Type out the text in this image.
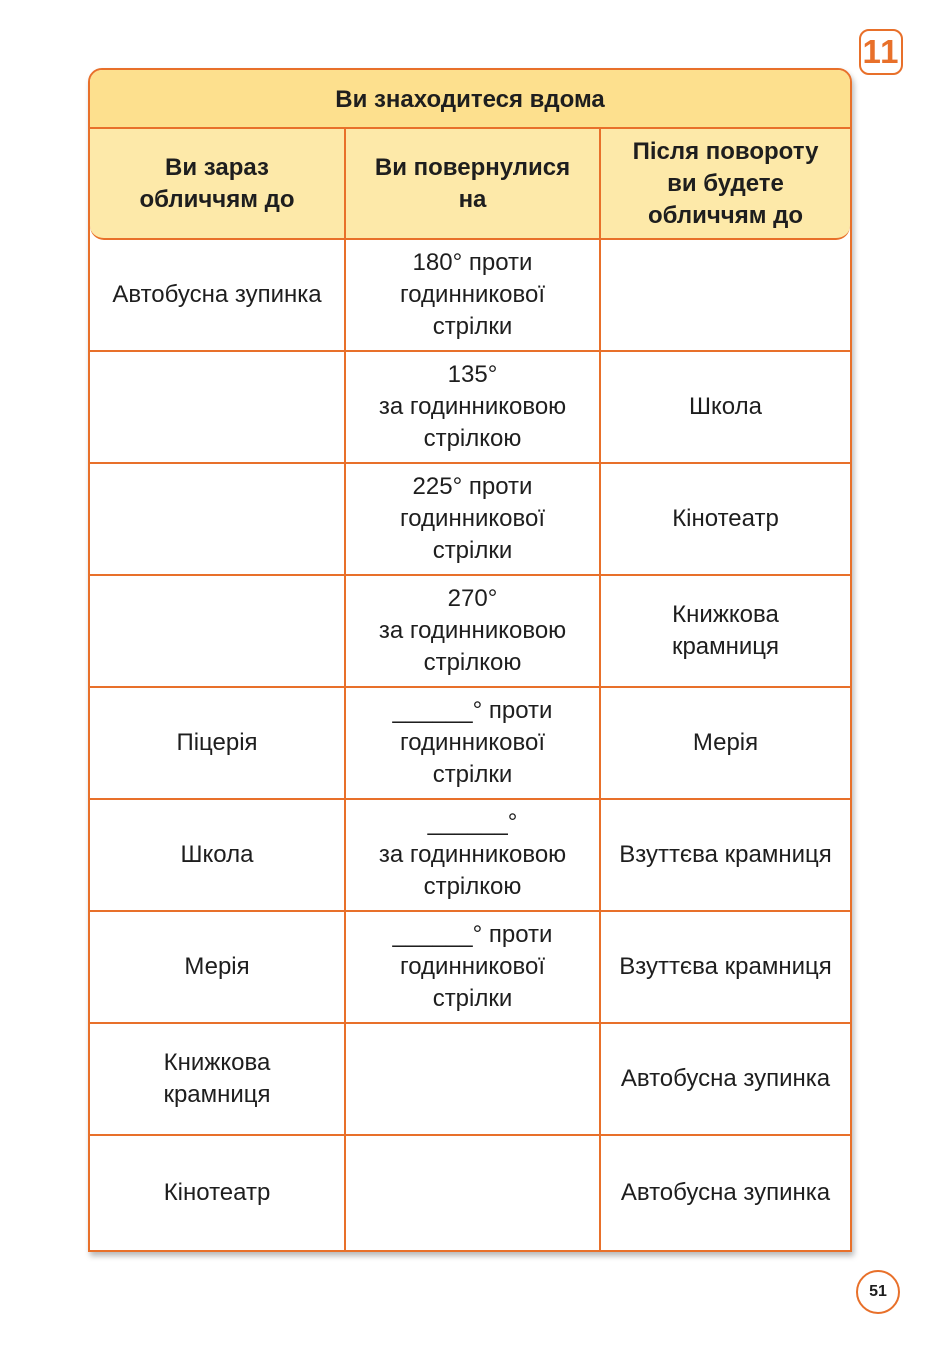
11
Ви знаходитеся вдома
Ви зараз
обличчям до
Ви повернулися
на
Після повороту
ви будете
обличчям до
Автобусна зупинка
180° проти
годинникової
стрілки
135°
за годинниковою
стрілкою
Школа
225° проти
годинникової
стрілки
Кінотеатр
270°
за годинниковою
стрілкою
Книжкова
крамниця
Піцерія
______° проти
годинникової
стрілки
Мерія
Школа
______°
за годинниковою
стрілкою
Взуттєва крамниця
Мерія
______° проти
годинникової
стрілки
Взуттєва крамниця
Книжкова
крамниця
Автобусна зупинка
Кінотеатр	Автобусна зупинка
51
